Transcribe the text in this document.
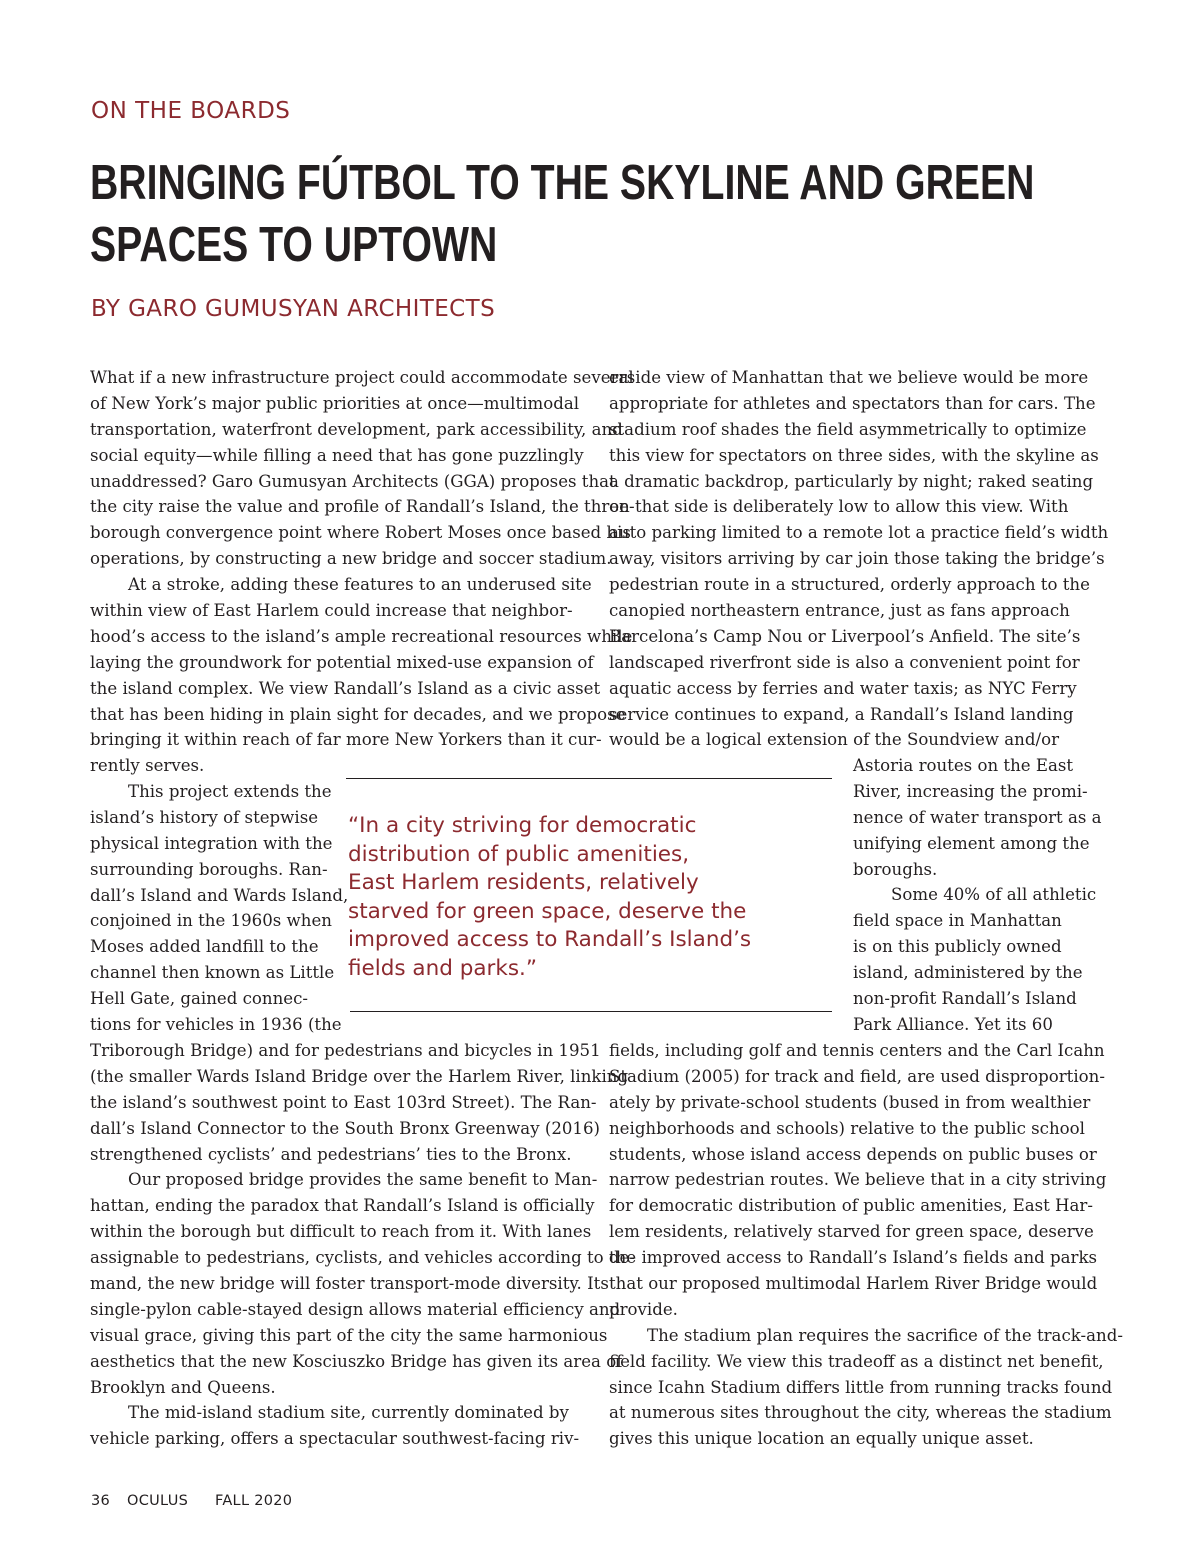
ON THE BOARDS

BRINGING FÚTBOL TO THE SKYLINE AND GREEN
SPACES TO UPTOWN

BY GARO GUMUSYAN ARCHITECTS

What if a new infrastructure project could accommodate several
of New York’s major public priorities at once—multimodal
transportation, waterfront development, park accessibility, and
social equity—while filling a need that has gone puzzlingly
unaddressed? Garo Gumusyan Architects (GGA) proposes that
the city raise the value and profile of Randall’s Island, the three-
borough convergence point where Robert Moses once based his
operations, by constructing a new bridge and soccer stadium.
At a stroke, adding these features to an underused site
within view of East Harlem could increase that neighbor-
hood’s access to the island’s ample recreational resources while
laying the groundwork for potential mixed-use expansion of
the island complex. We view Randall’s Island as a civic asset
that has been hiding in plain sight for decades, and we propose
bringing it within reach of far more New Yorkers than it cur-
rently serves.
This project extends the
island’s history of stepwise
physical integration with the
surrounding boroughs. Ran-
dall’s Island and Wards Island,
conjoined in the 1960s when
Moses added landfill to the
channel then known as Little
Hell Gate, gained connec-
tions for vehicles in 1936 (the
Triborough Bridge) and for pedestrians and bicycles in 1951
(the smaller Wards Island Bridge over the Harlem River, linking
the island’s southwest point to East 103rd Street). The Ran-
dall’s Island Connector to the South Bronx Greenway (2016)
strengthened cyclists’ and pedestrians’ ties to the Bronx.
Our proposed bridge provides the same benefit to Man-
hattan, ending the paradox that Randall’s Island is officially
within the borough but difficult to reach from it. With lanes
assignable to pedestrians, cyclists, and vehicles according to de-
mand, the new bridge will foster transport-mode diversity. Its
single-pylon cable-stayed design allows material efficiency and
visual grace, giving this part of the city the same harmonious
aesthetics that the new Kosciuszko Bridge has given its area of
Brooklyn and Queens.
The mid-island stadium site, currently dominated by
vehicle parking, offers a spectacular southwest-facing riv-
erside view of Manhattan that we believe would be more
appropriate for athletes and spectators than for cars. The
stadium roof shades the field asymmetrically to optimize
this view for spectators on three sides, with the skyline as
a dramatic backdrop, particularly by night; raked seating
on that side is deliberately low to allow this view. With
auto parking limited to a remote lot a practice field’s width
away, visitors arriving by car join those taking the bridge’s
pedestrian route in a structured, orderly approach to the
canopied northeastern entrance, just as fans approach
Barcelona’s Camp Nou or Liverpool’s Anfield. The site’s
landscaped riverfront side is also a convenient point for
aquatic access by ferries and water taxis; as NYC Ferry
service continues to expand, a Randall’s Island landing
would be a logical extension of the Soundview and/or
Astoria routes on the East
River, increasing the promi-
nence of water transport as a
unifying element among the
boroughs.
Some 40% of all athletic
field space in Manhattan
is on this publicly owned
island, administered by the
non-profit Randall’s Island
Park Alliance. Yet its 60
fields, including golf and tennis centers and the Carl Icahn
Stadium (2005) for track and field, are used disproportion-
ately by private-school students (bused in from wealthier
neighborhoods and schools) relative to the public school
students, whose island access depends on public buses or
narrow pedestrian routes. We believe that in a city striving
for democratic distribution of public amenities, East Har-
lem residents, relatively starved for green space, deserve
the improved access to Randall’s Island’s fields and parks
that our proposed multimodal Harlem River Bridge would
provide.
The stadium plan requires the sacrifice of the track-and-
field facility. We view this tradeoff as a distinct net benefit,
since Icahn Stadium differs little from running tracks found
at numerous sites throughout the city, whereas the stadium
gives this unique location an equally unique asset.
“In a city striving for democratic
distribution of public amenities,
East Harlem residents, relatively
starved for green space, deserve the
improved access to Randall’s Island’s
fields and parks.”
36 OCULUS FALL 2020
